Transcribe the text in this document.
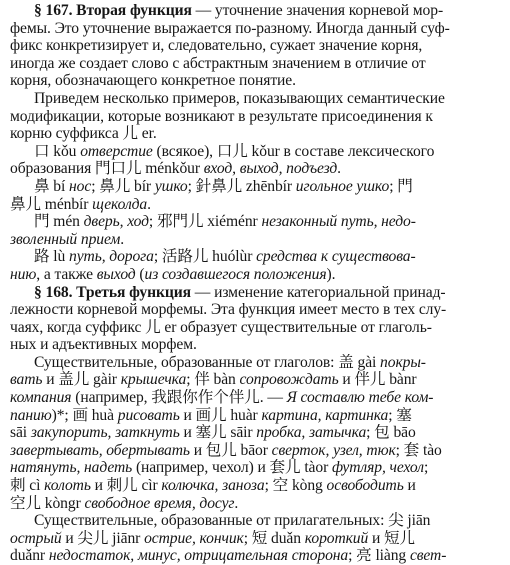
§ 167. Вторая функция — уточнение значения корневой мор-
фемы. Это уточнение выражается по-разному. Иногда данный суф-
фикс конкретизирует и, следовательно, сужает значение корня,
иногда же создает слово с абстрактным значением в отличие от
корня, обозначающего конкретное понятие.
Приведем несколько примеров, показывающих семантические
модификации, которые возникают в результате присоединения к
корню суффикса 儿 er.
口 kǒu отверстие (всякое), 口儿 kǒur в составе лексического
образования 門口儿 ménkǒur вход, выход, подъезд.
鼻 bí нос; 鼻儿 bír ушко; 針鼻儿 zhēnbír игольное ушко; 門
鼻儿 ménbír щеколда.
門 mén дверь, ход; 邪門儿 xiéménr незаконный путь, недо-
зволенный прием.
路 lù путь, дорога; 活路儿 huólùr средства к существова-
нию, а также выход (из создавшегося положения).
§ 168. Третья функция — изменение категориальной принад-
лежности корневой морфемы. Эта функция имеет место в тех слу-
чаях, когда суффикс 儿 er образует существительные от глаголь-
ных и адъективных морфем.
Существительные, образованные от глаголов: 盖 gài покры-
вать и 盖儿 gàir крышечка; 伴 bàn сопровождать и 伴儿 bànr
компания (например, 我跟你作个伴儿. — Я составлю тебе ком-
панию)*; 画 huà рисовать и 画儿 huàr картина, картинка; 塞
sāi закупорить, заткнуть и 塞儿 sāir пробка, затычка; 包 bāo
завертывать, обертывать и 包儿 bāor сверток, узел, тюк; 套 tào
натянуть, надеть (например, чехол) и 套儿 tàor футляр, чехол;
刺 cì колоть и 刺儿 cìr колючка, заноза; 空 kòng освободить и
空儿 kòngr свободное время, досуг.
Существительные, образованные от прилагательных: 尖 jiān
острый и 尖儿 jiānr острие, кончик; 短 duǎn короткий и 短儿
duǎnr недостаток, минус, отрицательная сторона; 亮 liàng свет-
